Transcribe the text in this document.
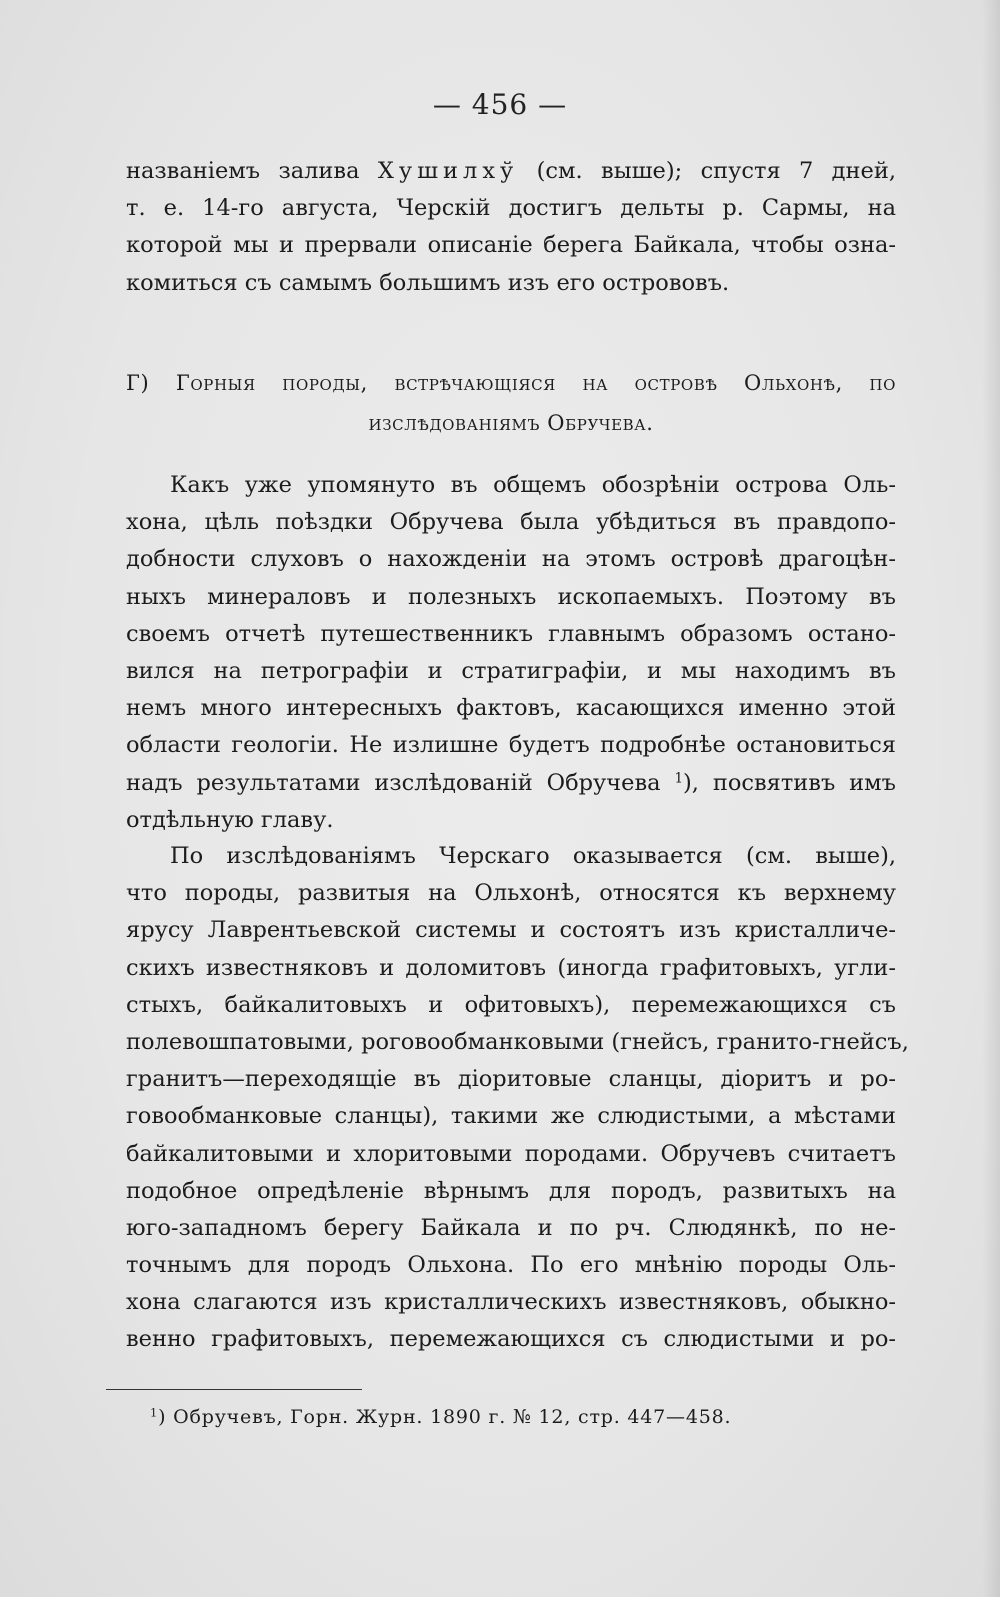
— 456 —
названіемъ залива Хушилхў (см. выше); спустя 7 дней,
т. е. 14-го августа, Черскій достигъ дельты р. Сармы, на
которой мы и прервали описаніе берега Байкала, чтобы озна-
комиться съ самымъ большимъ изъ его острововъ.
Г) Горныя породы, встрѣчающіяся на островѣ Ольхонѣ, по
изслѣдованіямъ Обручева.
Какъ уже упомянуто въ общемъ обозрѣніи острова Оль-
хона, цѣль поѣздки Обручева была убѣдиться въ правдопо-
добности слуховъ о нахожденіи на этомъ островѣ драгоцѣн-
ныхъ минераловъ и полезныхъ ископаемыхъ. Поэтому въ
своемъ отчетѣ путешественникъ главнымъ образомъ остано-
вился на петрографіи и стратиграфіи, и мы находимъ въ
немъ много интересныхъ фактовъ, касающихся именно этой
области геологіи. Не излишне будетъ подробнѣе остановиться
надъ результатами изслѣдованій Обручева $^1$), посвятивъ имъ
отдѣльную главу.
По изслѣдованіямъ Черскаго оказывается (см. выше),
что породы, развитыя на Ольхонѣ, относятся къ верхнему
ярусу Лаврентьевской системы и состоятъ изъ кристалличе-
скихъ известняковъ и доломитовъ (иногда графитовыхъ, угли-
стыхъ, байкалитовыхъ и офитовыхъ), перемежающихся съ
полевошпатовыми, роговообманковыми (гнейсъ, гранито-гнейсъ,
гранитъ—переходящіе въ діоритовые сланцы, діоритъ и ро-
говообманковые сланцы), такими же слюдистыми, а мѣстами
байкалитовыми и хлоритовыми породами. Обручевъ считаетъ
подобное опредѣленіе вѣрнымъ для породъ, развитыхъ на
юго-западномъ берегу Байкала и по рч. Слюдянкѣ, по не-
точнымъ для породъ Ольхона. По его мнѣнію породы Оль-
хона слагаются изъ кристаллическихъ известняковъ, обыкно-
венно графитовыхъ, перемежающихся съ слюдистыми и ро-
$^1$) Обручевъ, Горн. Журн. 1890 г. № 12, стр. 447—458.
